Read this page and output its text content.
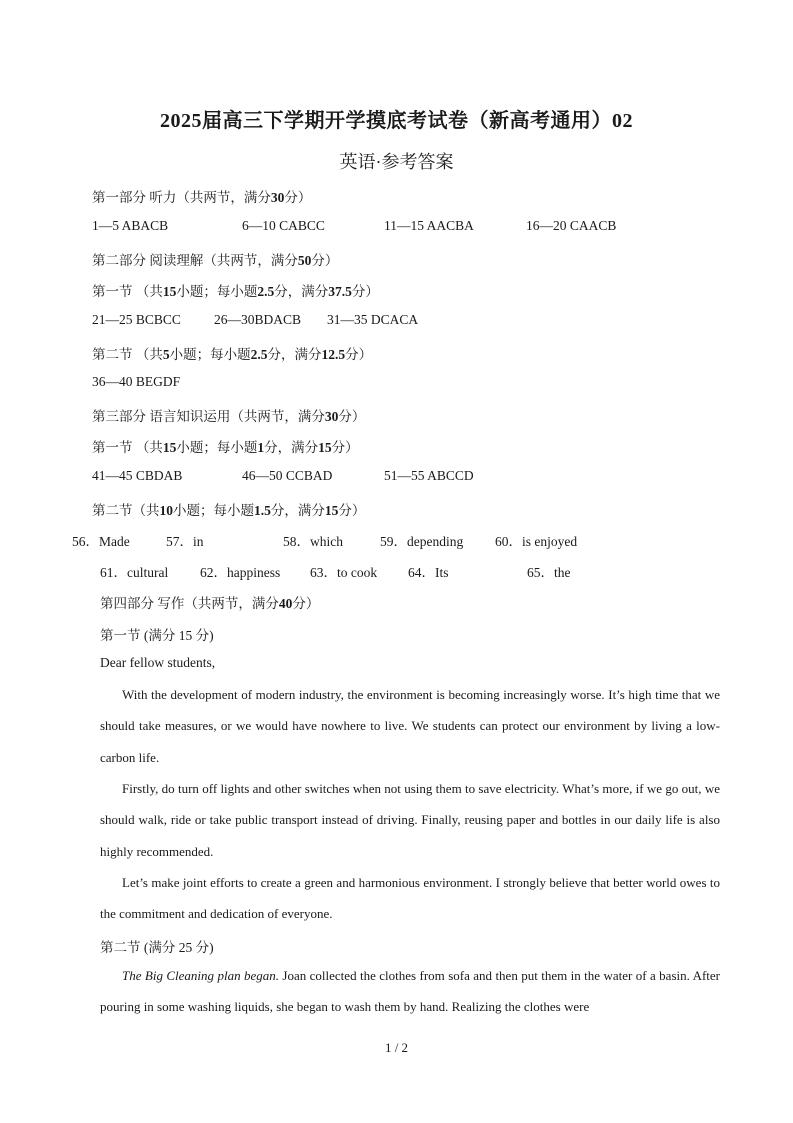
2025届高三下学期开学摸底考试卷（新高考通用）02
英语·参考答案
第一部分 听力（共两节，满分30分）
1—5 ABACB	6—10 CABCC	11—15 AACBA	16—20 CAACB
第二部分 阅读理解（共两节，满分50分）
第一节 （共15小题；每小题2.5分，满分37.5分）
21—25 BCBCC 26—30BDACB 31—35 DCACA
第二节 （共5小题；每小题2.5分，满分12.5分）
36—40 BEGDF
第三部分 语言知识运用（共两节，满分30分）
第一节 （共15小题；每小题1分，满分15分）
41—45 CBDAB	46—50 CCBAD	51—55 ABCCD
第二节（共10小题；每小题1.5分，满分15分）
56．Made	57．in	58．which	59．depending 60．is enjoyed
61．cultural 62．happiness 63．to cook 64．Its	65．the
第四部分 写作（共两节，满分40分）
第一节 (满分 15 分)
Dear fellow students,
With the development of modern industry, the environment is becoming increasingly worse. It’s high time that we should take measures, or we would have nowhere to live. We students can protect our environment by living a low-carbon life.
Firstly, do turn off lights and other switches when not using them to save electricity. What’s more, if we go out, we should walk, ride or take public transport instead of driving. Finally, reusing paper and bottles in our daily life is also highly recommended.
Let’s make joint efforts to create a green and harmonious environment. I strongly believe that better world owes to the commitment and dedication of everyone.
第二节 (满分 25 分)
The Big Cleaning plan began. Joan collected the clothes from sofa and then put them in the water of a basin. After pouring in some washing liquids, she began to wash them by hand. Realizing the clothes were
1 / 2
